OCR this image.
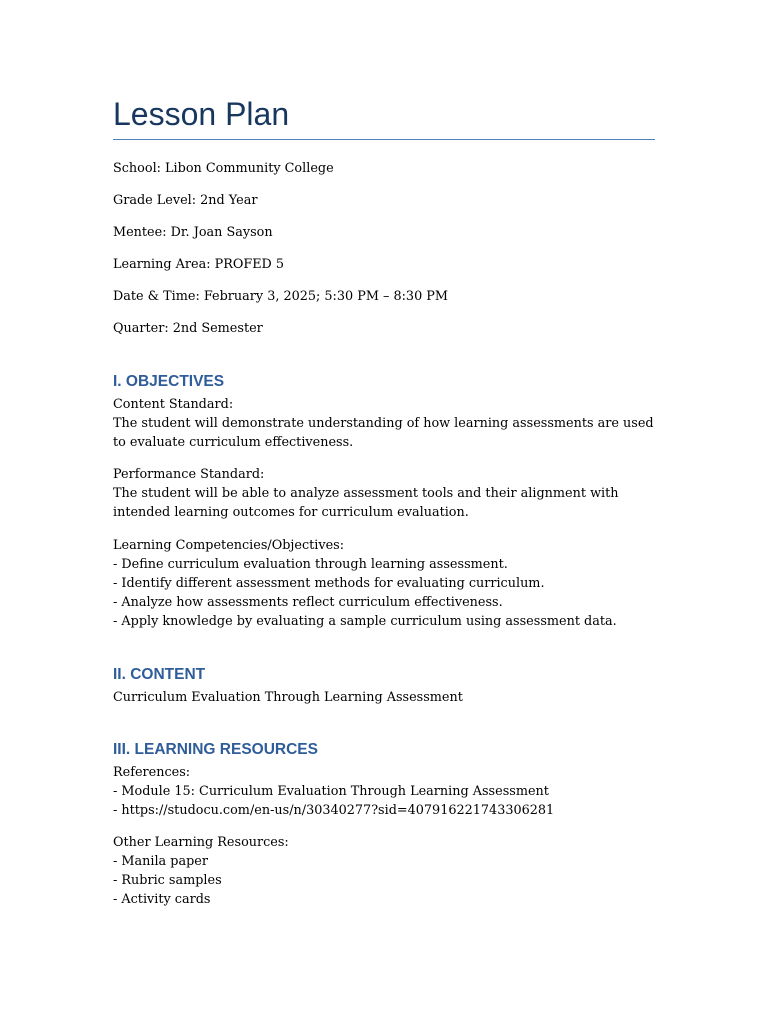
Lesson Plan
School: Libon Community College
Grade Level: 2nd Year
Mentee: Dr. Joan Sayson
Learning Area: PROFED 5
Date & Time: February 3, 2025; 5:30 PM – 8:30 PM
Quarter: 2nd Semester
I. OBJECTIVES

Content Standard:

The student will demonstrate understanding of how learning assessments are used to evaluate curriculum effectiveness.

Performance Standard:

The student will be able to analyze assessment tools and their alignment with intended learning outcomes for curriculum evaluation.

Learning Competencies/Objectives:
- Define curriculum evaluation through learning assessment.
- Identify different assessment methods for evaluating curriculum.
- Analyze how assessments reflect curriculum effectiveness.
- Apply knowledge by evaluating a sample curriculum using assessment data.
II. CONTENT

Curriculum Evaluation Through Learning Assessment

III. LEARNING RESOURCES
References:
- Module 15: Curriculum Evaluation Through Learning Assessment
- https://studocu.com/en-us/n/30340277?sid=407916221743306281
Other Learning Resources:
- Manila paper
- Rubric samples
- Activity cards
